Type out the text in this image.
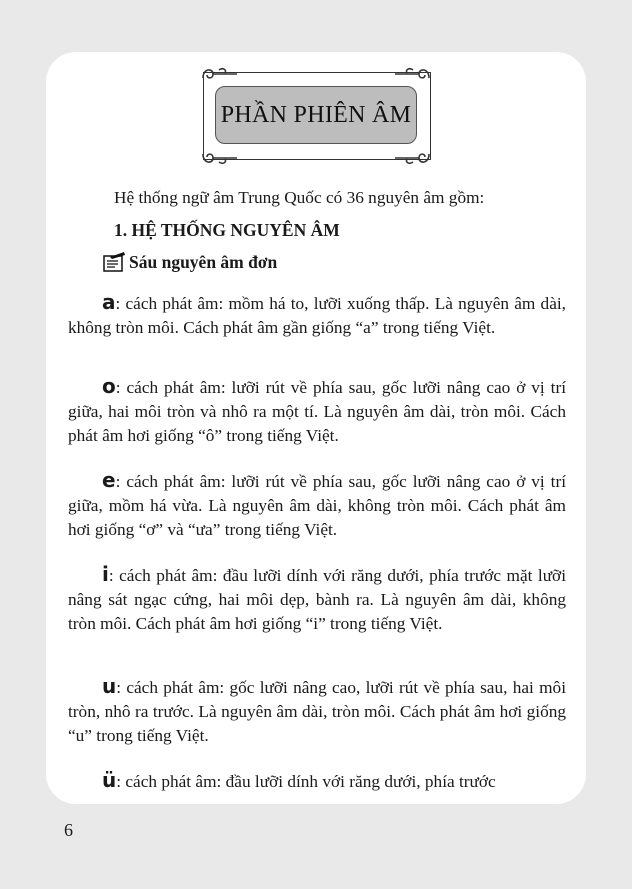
PHẦN PHIÊN ÂM
Hệ thống ngữ âm Trung Quốc có 36 nguyên âm gồm:
1. HỆ THỐNG NGUYÊN ÂM
Sáu nguyên âm đơn

a: cách phát âm: mồm há to, lưỡi xuống thấp. Là nguyên âm dài, không tròn môi. Cách phát âm gần giống “a” trong tiếng Việt.

o: cách phát âm: lưỡi rút về phía sau, gốc lưỡi nâng cao ở vị trí giữa, hai môi tròn và nhô ra một tí. Là nguyên âm dài, tròn môi. Cách phát âm hơi giống “ô” trong tiếng Việt.

e: cách phát âm: lưỡi rút về phía sau, gốc lưỡi nâng cao ở vị trí giữa, mồm há vừa. Là nguyên âm dài, không tròn môi. Cách phát âm hơi giống “ơ” và “ưa” trong tiếng Việt.

i: cách phát âm: đầu lưỡi dính với răng dưới, phía trước mặt lưỡi nâng sát ngạc cứng, hai môi dẹp, bành ra. Là nguyên âm dài, không tròn môi. Cách phát âm hơi giống “i” trong tiếng Việt.

u: cách phát âm: gốc lưỡi nâng cao, lưỡi rút về phía sau, hai môi tròn, nhô ra trước. Là nguyên âm dài, tròn môi. Cách phát âm hơi giống “u” trong tiếng Việt.

ü: cách phát âm: đầu lưỡi dính với răng dưới, phía trước

6
